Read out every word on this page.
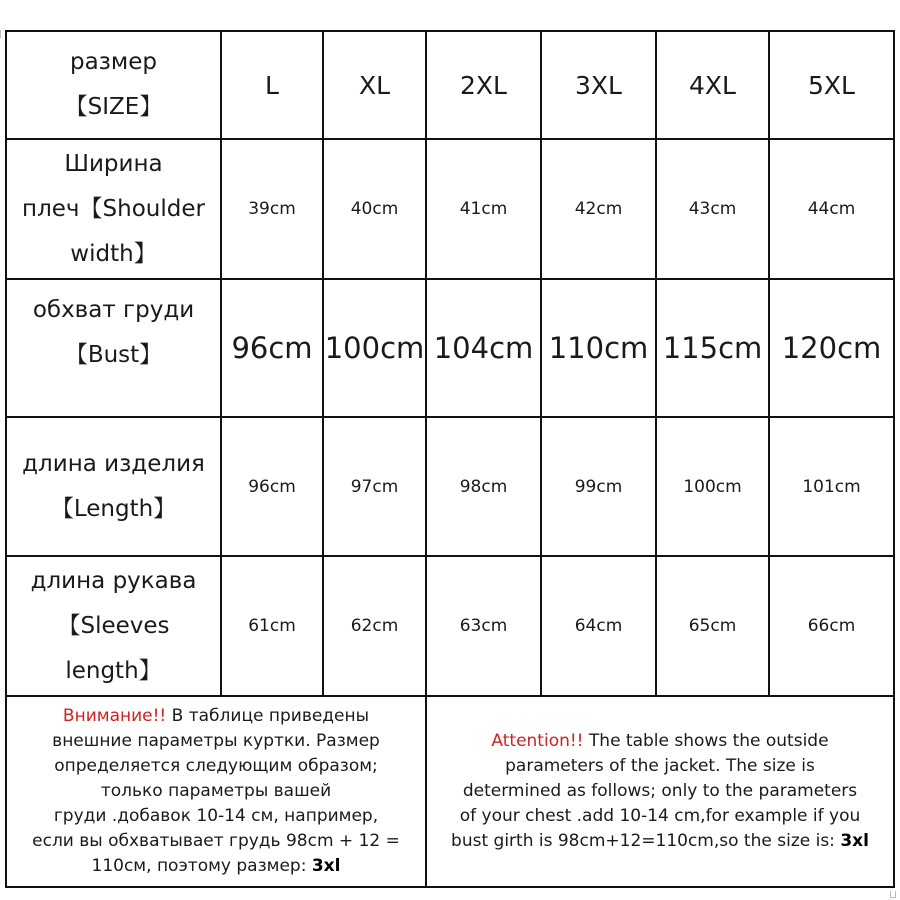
размер
【SIZE】
L	XL	2XL	3XL	4XL	5XL
Ширина
плеч【Shoulder
width】
39cm	40cm	41cm	42cm	43cm	44cm
обхват груди
【Bust】	96cm 100cm 104cm 110cm 115cm 120cm
длина изделия
【Length】
96cm	97cm	98cm	99cm	100cm	101cm
длина рукава
【Sleeves
length】
61cm	62cm	63cm	64cm	65cm	66cm
Внимание!! В таблице приведены
внешние параметры куртки. Размер
определяется следующим образом;
только параметры вашей
груди .добавок 10-14 см, например,
если вы обхватывает грудь 98cm + 12 =
110cм, поэтому размер: 3xl
Attention!! The table shows the outside
parameters of the jacket. The size is
determined as follows; only to the parameters
of your chest .add 10-14 cm,for example if you
bust girth is 98cm+12=110cm,so the size is: 3xl
